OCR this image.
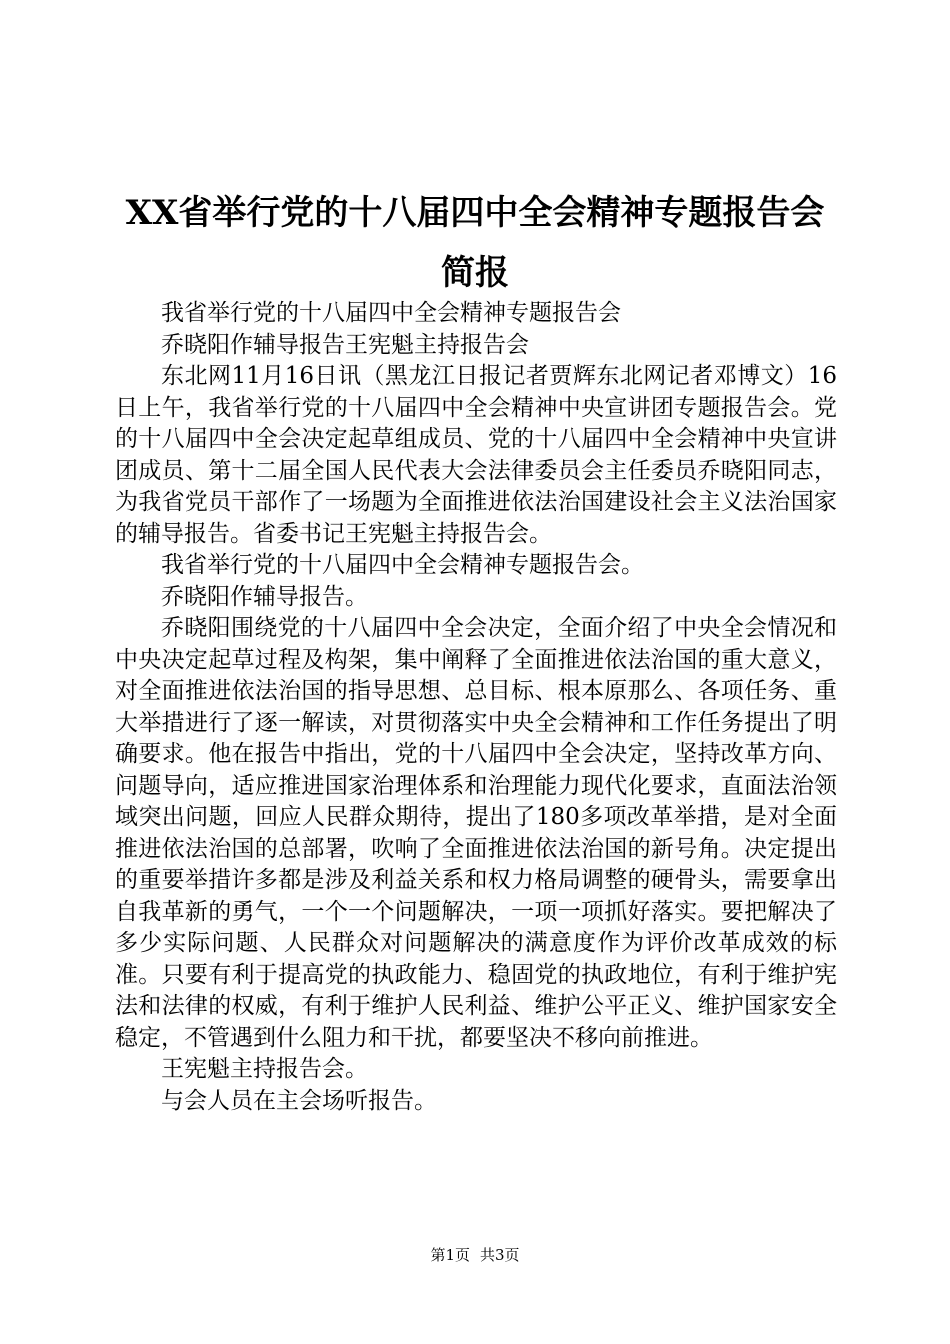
XX省举行党的十八届四中全会精神专题报告会简报

我省举行党的十八届四中全会精神专题报告会

乔晓阳作辅导报告王宪魁主持报告会

东北网11月16日讯（黑龙江日报记者贾辉东北网记者邓博文）16日上午，我省举行党的十八届四中全会精神中央宣讲团专题报告会。党的十八届四中全会决定起草组成员、党的十八届四中全会精神中央宣讲团成员、第十二届全国人民代表大会法律委员会主任委员乔晓阳同志，为我省党员干部作了一场题为全面推进依法治国建设社会主义法治国家的辅导报告。省委书记王宪魁主持报告会。

我省举行党的十八届四中全会精神专题报告会。

乔晓阳作辅导报告。

乔晓阳围绕党的十八届四中全会决定，全面介绍了中央全会情况和中央决定起草过程及构架，集中阐释了全面推进依法治国的重大意义，对全面推进依法治国的指导思想、总目标、根本原那么、各项任务、重大举措进行了逐一解读，对贯彻落实中央全会精神和工作任务提出了明确要求。他在报告中指出，党的十八届四中全会决定，坚持改革方向、问题导向，适应推进国家治理体系和治理能力现代化要求，直面法治领域突出问题，回应人民群众期待，提出了180多项改革举措，是对全面推进依法治国的总部署，吹响了全面推进依法治国的新号角。决定提出的重要举措许多都是涉及利益关系和权力格局调整的硬骨头，需要拿出自我革新的勇气，一个一个问题解决，一项一项抓好落实。要把解决了多少实际问题、人民群众对问题解决的满意度作为评价改革成效的标准。只要有利于提高党的执政能力、稳固党的执政地位，有利于维护宪法和法律的权威，有利于维护人民利益、维护公平正义、维护国家安全稳定，不管遇到什么阻力和干扰，都要坚决不移向前推进。

王宪魁主持报告会。

与会人员在主会场听报告。

第1页 共3页
